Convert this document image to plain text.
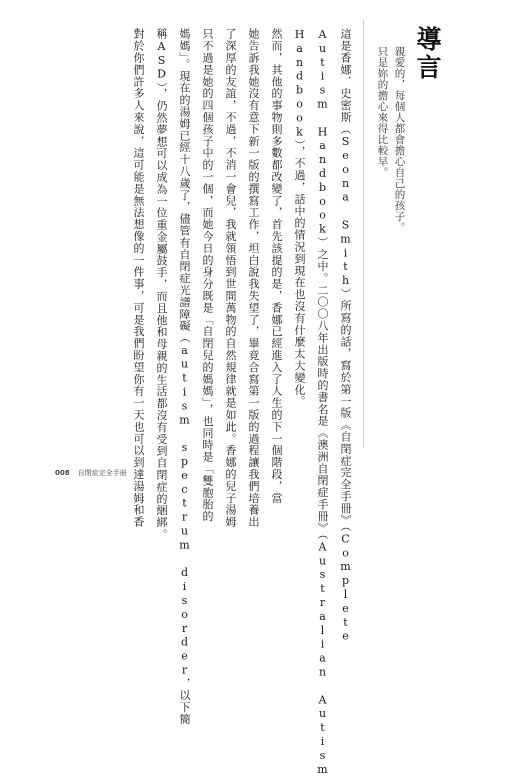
導言
親愛的，每個人都會擔心自己的孩子。
只是妳的擔心來得比較早。
這是香娜．史密斯（Seona Smith）所寫的話，寫於第一版《自閉症完全手冊》（Complete
Autism Handbook）之中。二〇〇八年出版時的書名是《澳洲自閉症手冊》（Australian Autism
Handbook），不過，話中的情況到現在也沒有什麼太大變化。
然而，其他的事物則多數都改變了，首先該提的是，香娜已經進入了人生的下一個階段，當
她告訴我她沒有意下新一版的撰寫工作，坦白說我失望了，畢竟合寫第一版的過程讓我們培養出
了深厚的友誼，不過，不消一會兒，我就領悟到世間萬物的自然規律就是如此。香娜的兒子湯姆
只不過是她的四個孩子中的一個，而她今日的身分既是「自閉兒的媽媽」，也同時是「雙胞胎的
媽媽」。現在的湯姆已經十八歲了，儘管有自閉症光譜障礙（autism spectrum disorder，以下簡
稱ASD），仍然夢想可以成為一位重金屬鼓手，而且他和母親的生活都沒有受到自閉症的綑綁。
對於你們許多人來說，這可能是無法想像的一件事，可是我們盼望你有一天也可以到達湯姆和香
008 自閉症完全手冊
